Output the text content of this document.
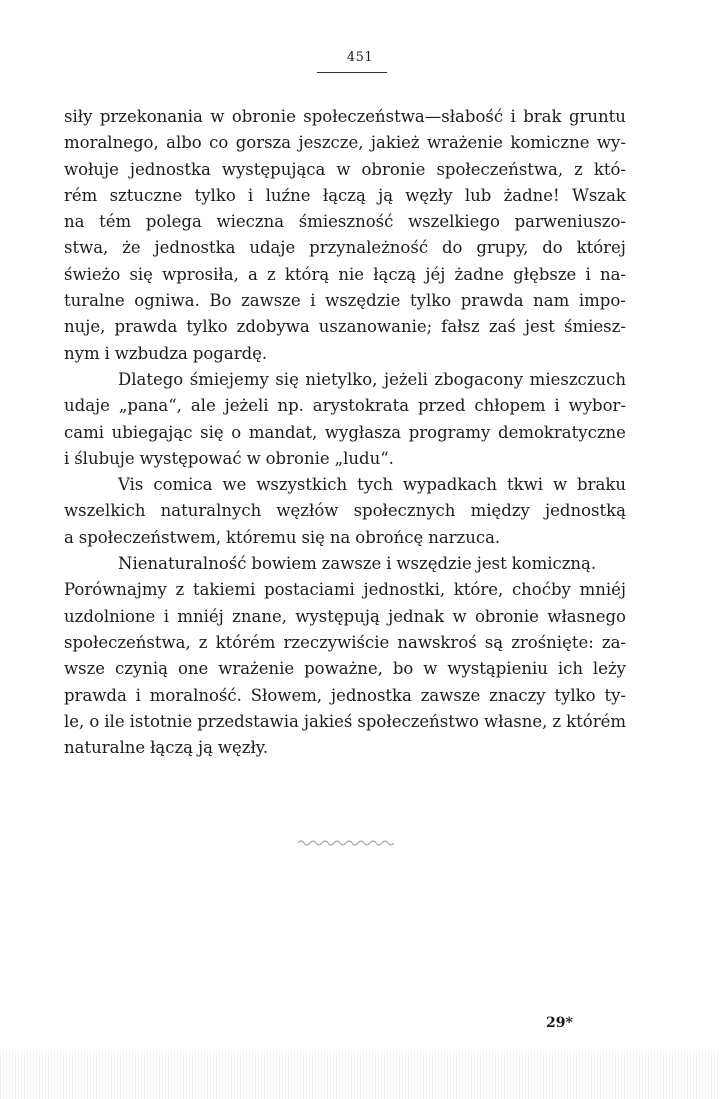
451
siły przekonania w obronie społeczeństwa—słabość i brak gruntu
moralnego, albo co gorsza jeszcze, jakież wrażenie komiczne wy-
wołuje jednostka występująca w obronie społeczeństwa, z któ-
rém sztuczne tylko i luźne łączą ją węzły lub żadne! Wszak
na tém polega wieczna śmieszność wszelkiego parweniuszo-
stwa, że jednostka udaje przynależność do grupy, do której
świeżo się wprosiła, a z którą nie łączą jéj żadne głębsze i na-
turalne ogniwa. Bo zawsze i wszędzie tylko prawda nam impo-
nuje, prawda tylko zdobywa uszanowanie; fałsz zaś jest śmiesz-
nym i wzbudza pogardę.
Dlatego śmiejemy się nietylko, jeżeli zbogacony mieszczuch
udaje „pana“, ale jeżeli np. arystokrata przed chłopem i wybor-
cami ubiegając się o mandat, wygłasza programy demokratyczne
i ślubuje występować w obronie „ludu“.
Vis comica we wszystkich tych wypadkach tkwi w braku
wszelkich naturalnych węzłów społecznych między jednostką
a społeczeństwem, któremu się na obrońcę narzuca.
Nienaturalność bowiem zawsze i wszędzie jest komiczną.
Porównajmy z takiemi postaciami jednostki, które, choćby mniéj
uzdolnione i mniéj znane, występują jednak w obronie własnego
społeczeństwa, z którém rzeczywiście nawskroś są zrośnięte: za-
wsze czynią one wrażenie poważne, bo w wystąpieniu ich leży
prawda i moralność. Słowem, jednostka zawsze znaczy tylko ty-
le, o ile istotnie przedstawia jakieś społeczeństwo własne, z którém
naturalne łączą ją węzły.
29*
